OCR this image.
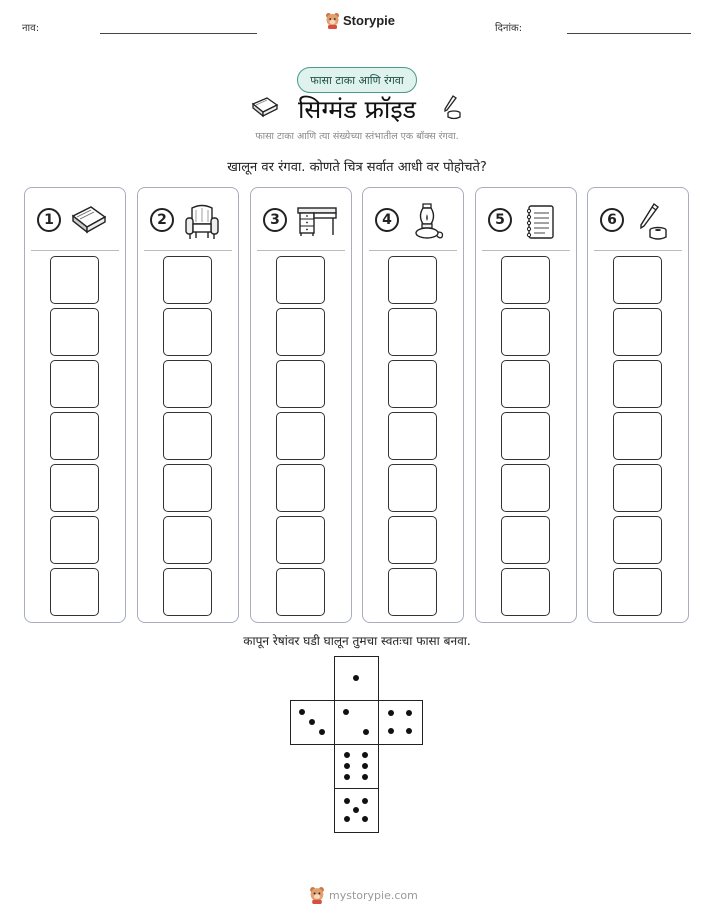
नाव:
Storypie
दिनांक:
फासा टाका आणि रंगवा
सिग्मंड फ्रॉइड
फासा टाका आणि त्या संख्येच्या स्तंभातील एक बॉक्स रंगवा.
खालून वर रंगवा. कोणते चित्र सर्वात आधी वर पोहोचते?
1	2	3	4	5	6
कापून रेषांवर घडी घालून तुमचा स्वतःचा फासा बनवा.
mystorypie.com
